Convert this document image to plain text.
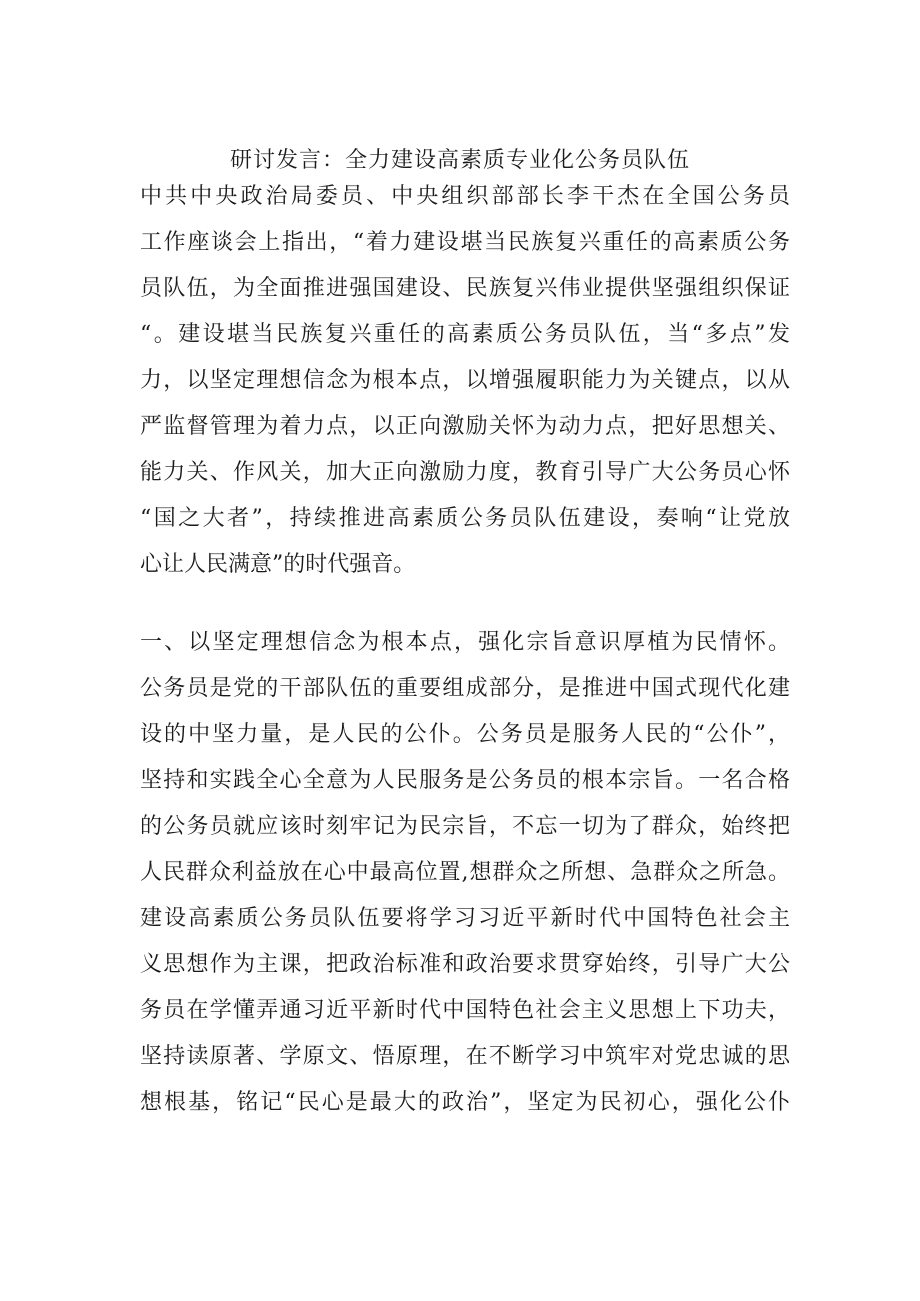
研讨发言：全力建设高素质专业化公务员队伍
中共中央政治局委员、中央组织部部长李干杰在全国公务员
工作座谈会上指出，“着力建设堪当民族复兴重任的高素质公务
员队伍，为全面推进强国建设、民族复兴伟业提供坚强组织保证
“。建设堪当民族复兴重任的高素质公务员队伍，当“多点”发
力，以坚定理想信念为根本点，以增强履职能力为关键点，以从
严监督管理为着力点，以正向激励关怀为动力点，把好思想关、
能力关、作风关，加大正向激励力度，教育引导广大公务员心怀
“国之大者”，持续推进高素质公务员队伍建设，奏响“让党放
心让人民满意”的时代强音。
一、以坚定理想信念为根本点，强化宗旨意识厚植为民情怀。
公务员是党的干部队伍的重要组成部分，是推进中国式现代化建
设的中坚力量，是人民的公仆。公务员是服务人民的“公仆”，
坚持和实践全心全意为人民服务是公务员的根本宗旨。一名合格
的公务员就应该时刻牢记为民宗旨，不忘一切为了群众，始终把
人民群众利益放在心中最高位置,想群众之所想、急群众之所急。
建设高素质公务员队伍要将学习习近平新时代中国特色社会主
义思想作为主课，把政治标准和政治要求贯穿始终，引导广大公
务员在学懂弄通习近平新时代中国特色社会主义思想上下功夫，
坚持读原著、学原文、悟原理，在不断学习中筑牢对党忠诚的思
想根基，铭记“民心是最大的政治”，坚定为民初心，强化公仆
